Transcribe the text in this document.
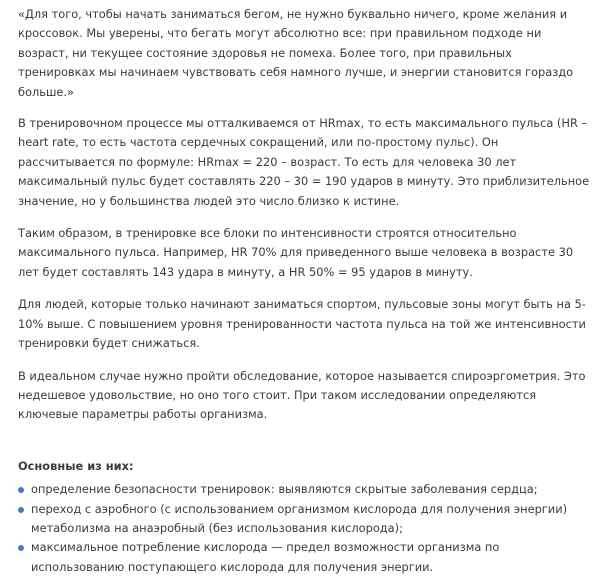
«Для того, чтобы начать заниматься бегом, не нужно буквально ничего, кроме желания и кроссовок. Мы уверены, что бегать могут абсолютно все: при правильном подходе ни возраст, ни текущее состояние здоровья не помеха. Более того, при правильных тренировках мы начинаем чувствовать себя намного лучше, и энергии становится гораздо больше.»

В тренировочном процессе мы отталкиваемся от HRmax, то есть максимального пульса (HR – heart rate, то есть частота сердечных сокращений, или по-простому пульс). Он рассчитывается по формуле: HRmax = 220 – возраст. То есть для человека 30 лет максимальный пульс будет составлять 220 – 30 = 190 ударов в минуту. Это приблизительное значение, но у большинства людей это число близко к истине.

Таким образом, в тренировке все блоки по интенсивности строятся относительно максимального пульса. Например, HR 70% для приведенного выше человека в возрасте 30 лет будет составлять 143 удара в минуту, а HR 50% = 95 ударов в минуту.

Для людей, которые только начинают заниматься спортом, пульсовые зоны могут быть на 5-10% выше. С повышением уровня тренированности частота пульса на той же интенсивности тренировки будет снижаться.

В идеальном случае нужно пройти обследование, которое называется спироэргометрия. Это недешевое удовольствие, но оно того стоит. При таком исследовании определяются ключевые параметры работы организма.

Основные из них:
определение безопасности тренировок: выявляются скрытые заболевания сердца;
переход с аэробного (с использованием организмом кислорода для получения энергии) метаболизма на анаэробный (без использования кислорода);
максимальное потребление кислорода — предел возможности организма по использованию поступающего кислорода для получения энергии.
